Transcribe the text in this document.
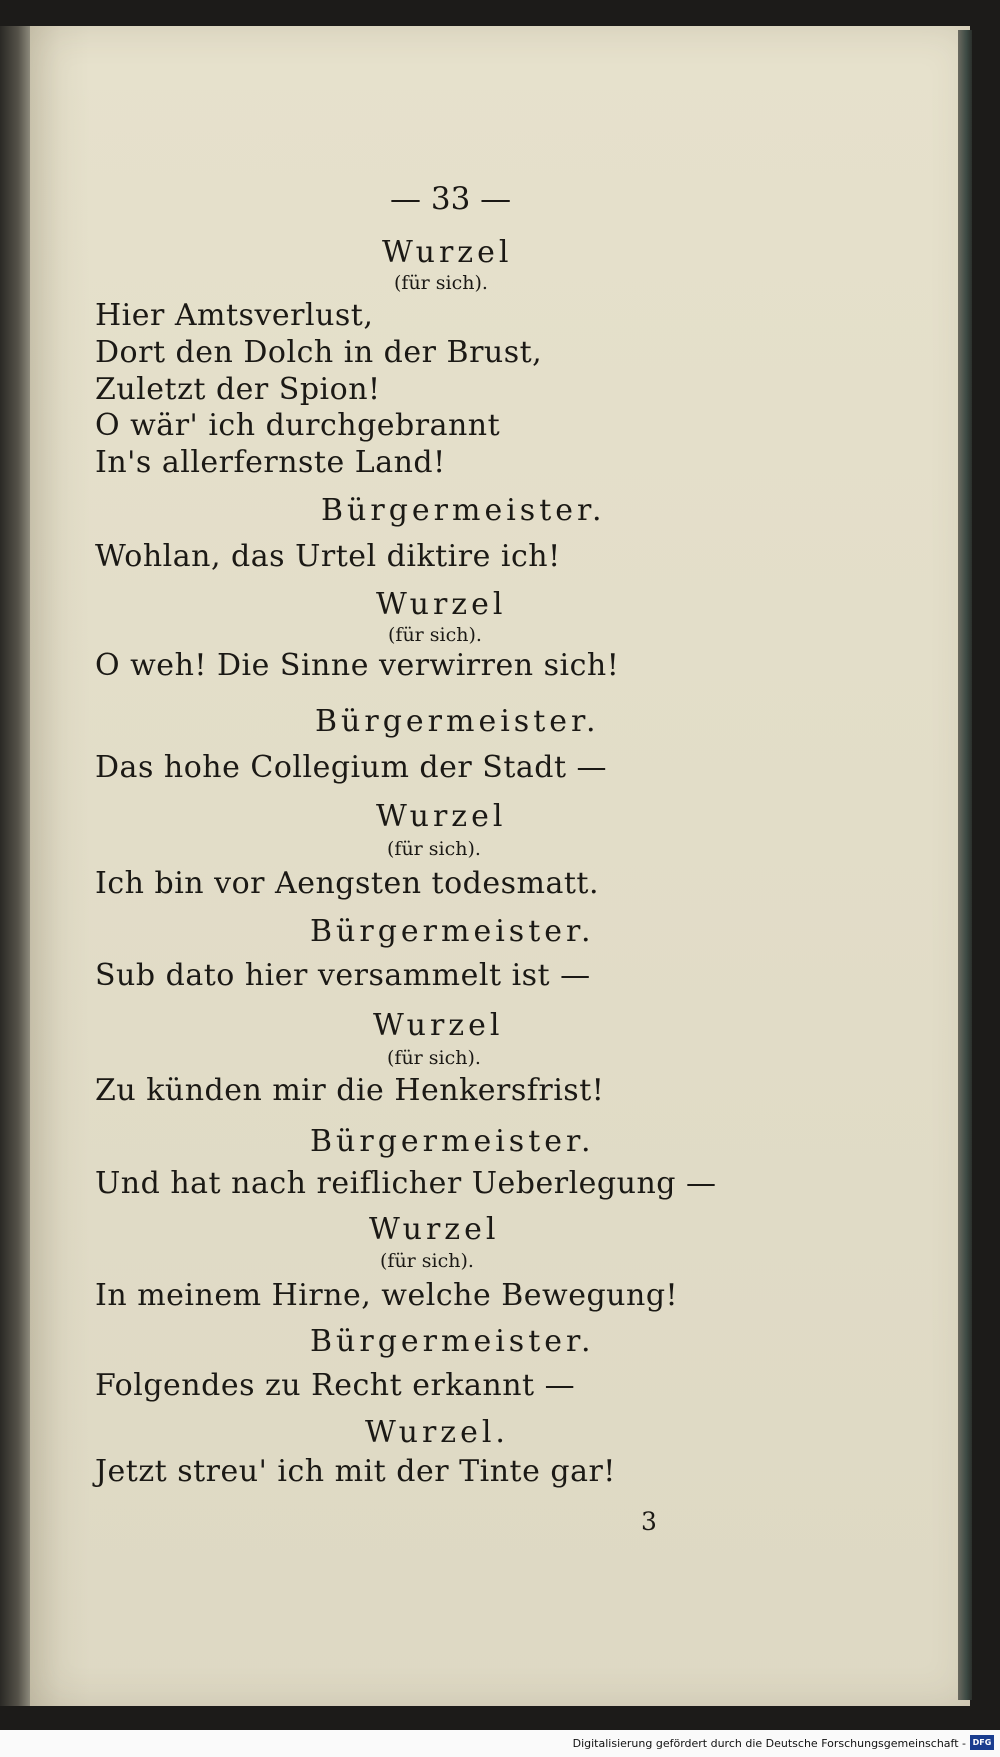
— 33 —
Wurzel
(für sich).
Hier Amtsverlust,
Dort den Dolch in der Brust,
Zuletzt der Spion!
O wär' ich durchgebrannt
In's allerfernste Land!
Bürgermeister.
Wohlan, das Urtel diktire ich!
Wurzel
(für sich).
O weh! Die Sinne verwirren sich!
Bürgermeister.
Das hohe Collegium der Stadt —
Wurzel
(für sich).
Ich bin vor Aengsten todesmatt.
Bürgermeister.
Sub dato hier versammelt ist —
Wurzel
(für sich).
Zu künden mir die Henkersfrist!
Bürgermeister.
Und hat nach reiflicher Ueberlegung —
Wurzel
(für sich).
In meinem Hirne, welche Bewegung!
Bürgermeister.
Folgendes zu Recht erkannt —
Wurzel.
Jetzt streu' ich mit der Tinte gar!
3
Digitalisierung gefördert durch die Deutsche Forschungsgemeinschaft - DFG
